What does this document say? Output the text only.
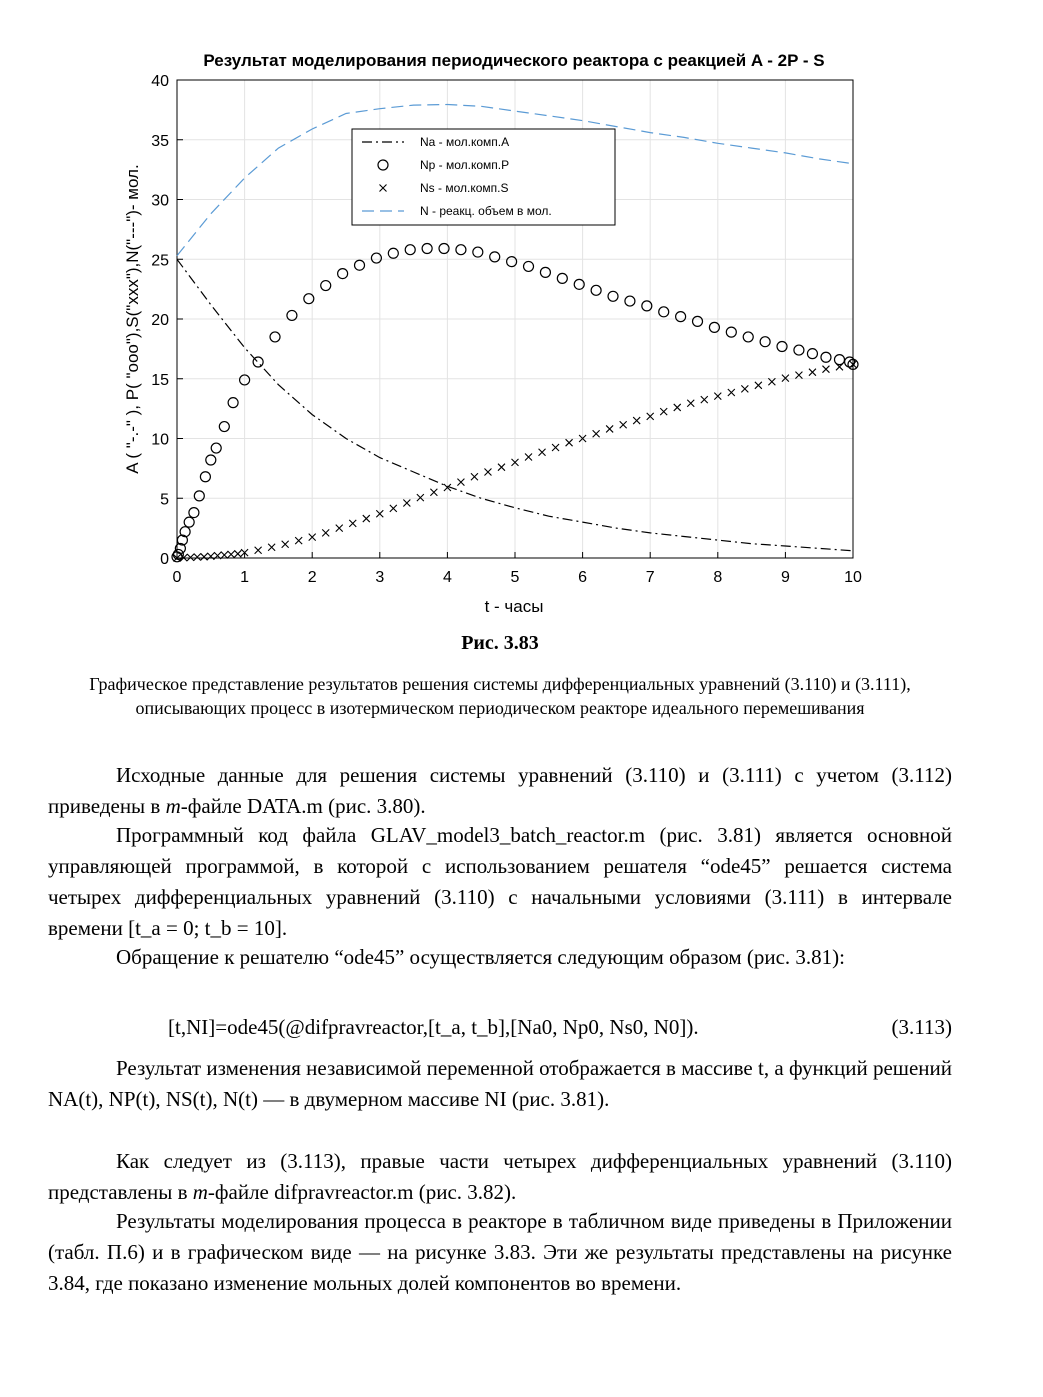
Результат моделирования периодического реактора с реакцией A - 2P - S
0	1	2	3	4	5	6	7	8	9	10
0
5
10
15
20
25
30
35
40
t - часы
A ( "-.-" ), P( "ooo"),S("xxx"),N("---")- мол.
Na - мол.комп.A
Np - мол.комп.P
Ns - мол.комп.S
N - реакц. объем в мол.
Рис. 3.83
Графическое представление результатов решения системы дифференциальных уравнений (3.110) и (3.111), описывающих процесс в изотермическом периодическом реакторе идеального перемешивания

Исходные данные для решения системы уравнений (3.110) и (3.111) с учетом (3.112) приведены в m-файле DATA.m (рис. 3.80).

Программный код файла GLAV_model3_batch_reactor.m (рис. 3.81) является основной управляющей программой, в которой с использованием решателя “ode45” решается система четырех дифференциальных уравнений (3.110) с начальными условиями (3.111) в интервале времени [t_a = 0; t_b = 10].

Обращение к решателю “ode45” осуществляется следующим образом (рис. 3.81):

[t,NI]=ode45(@difpravreactor,[t_a, t_b],[Na0, Np0, Ns0, N0]).	(3.113)

Результат изменения независимой переменной отображается в массиве t, а функций решений NA(t), NP(t), NS(t), N(t) — в двумерном массиве NI (рис. 3.81).

Как следует из (3.113), правые части четырех дифференциальных уравнений (3.110) представлены в m-файле difpravreactor.m (рис. 3.82).

Результаты моделирования процесса в реакторе в табличном виде приведены в Приложении (табл. П.6) и в графическом виде — на рисунке 3.83. Эти же результаты представлены на рисунке 3.84, где показано изменение мольных долей компонентов во времени.
